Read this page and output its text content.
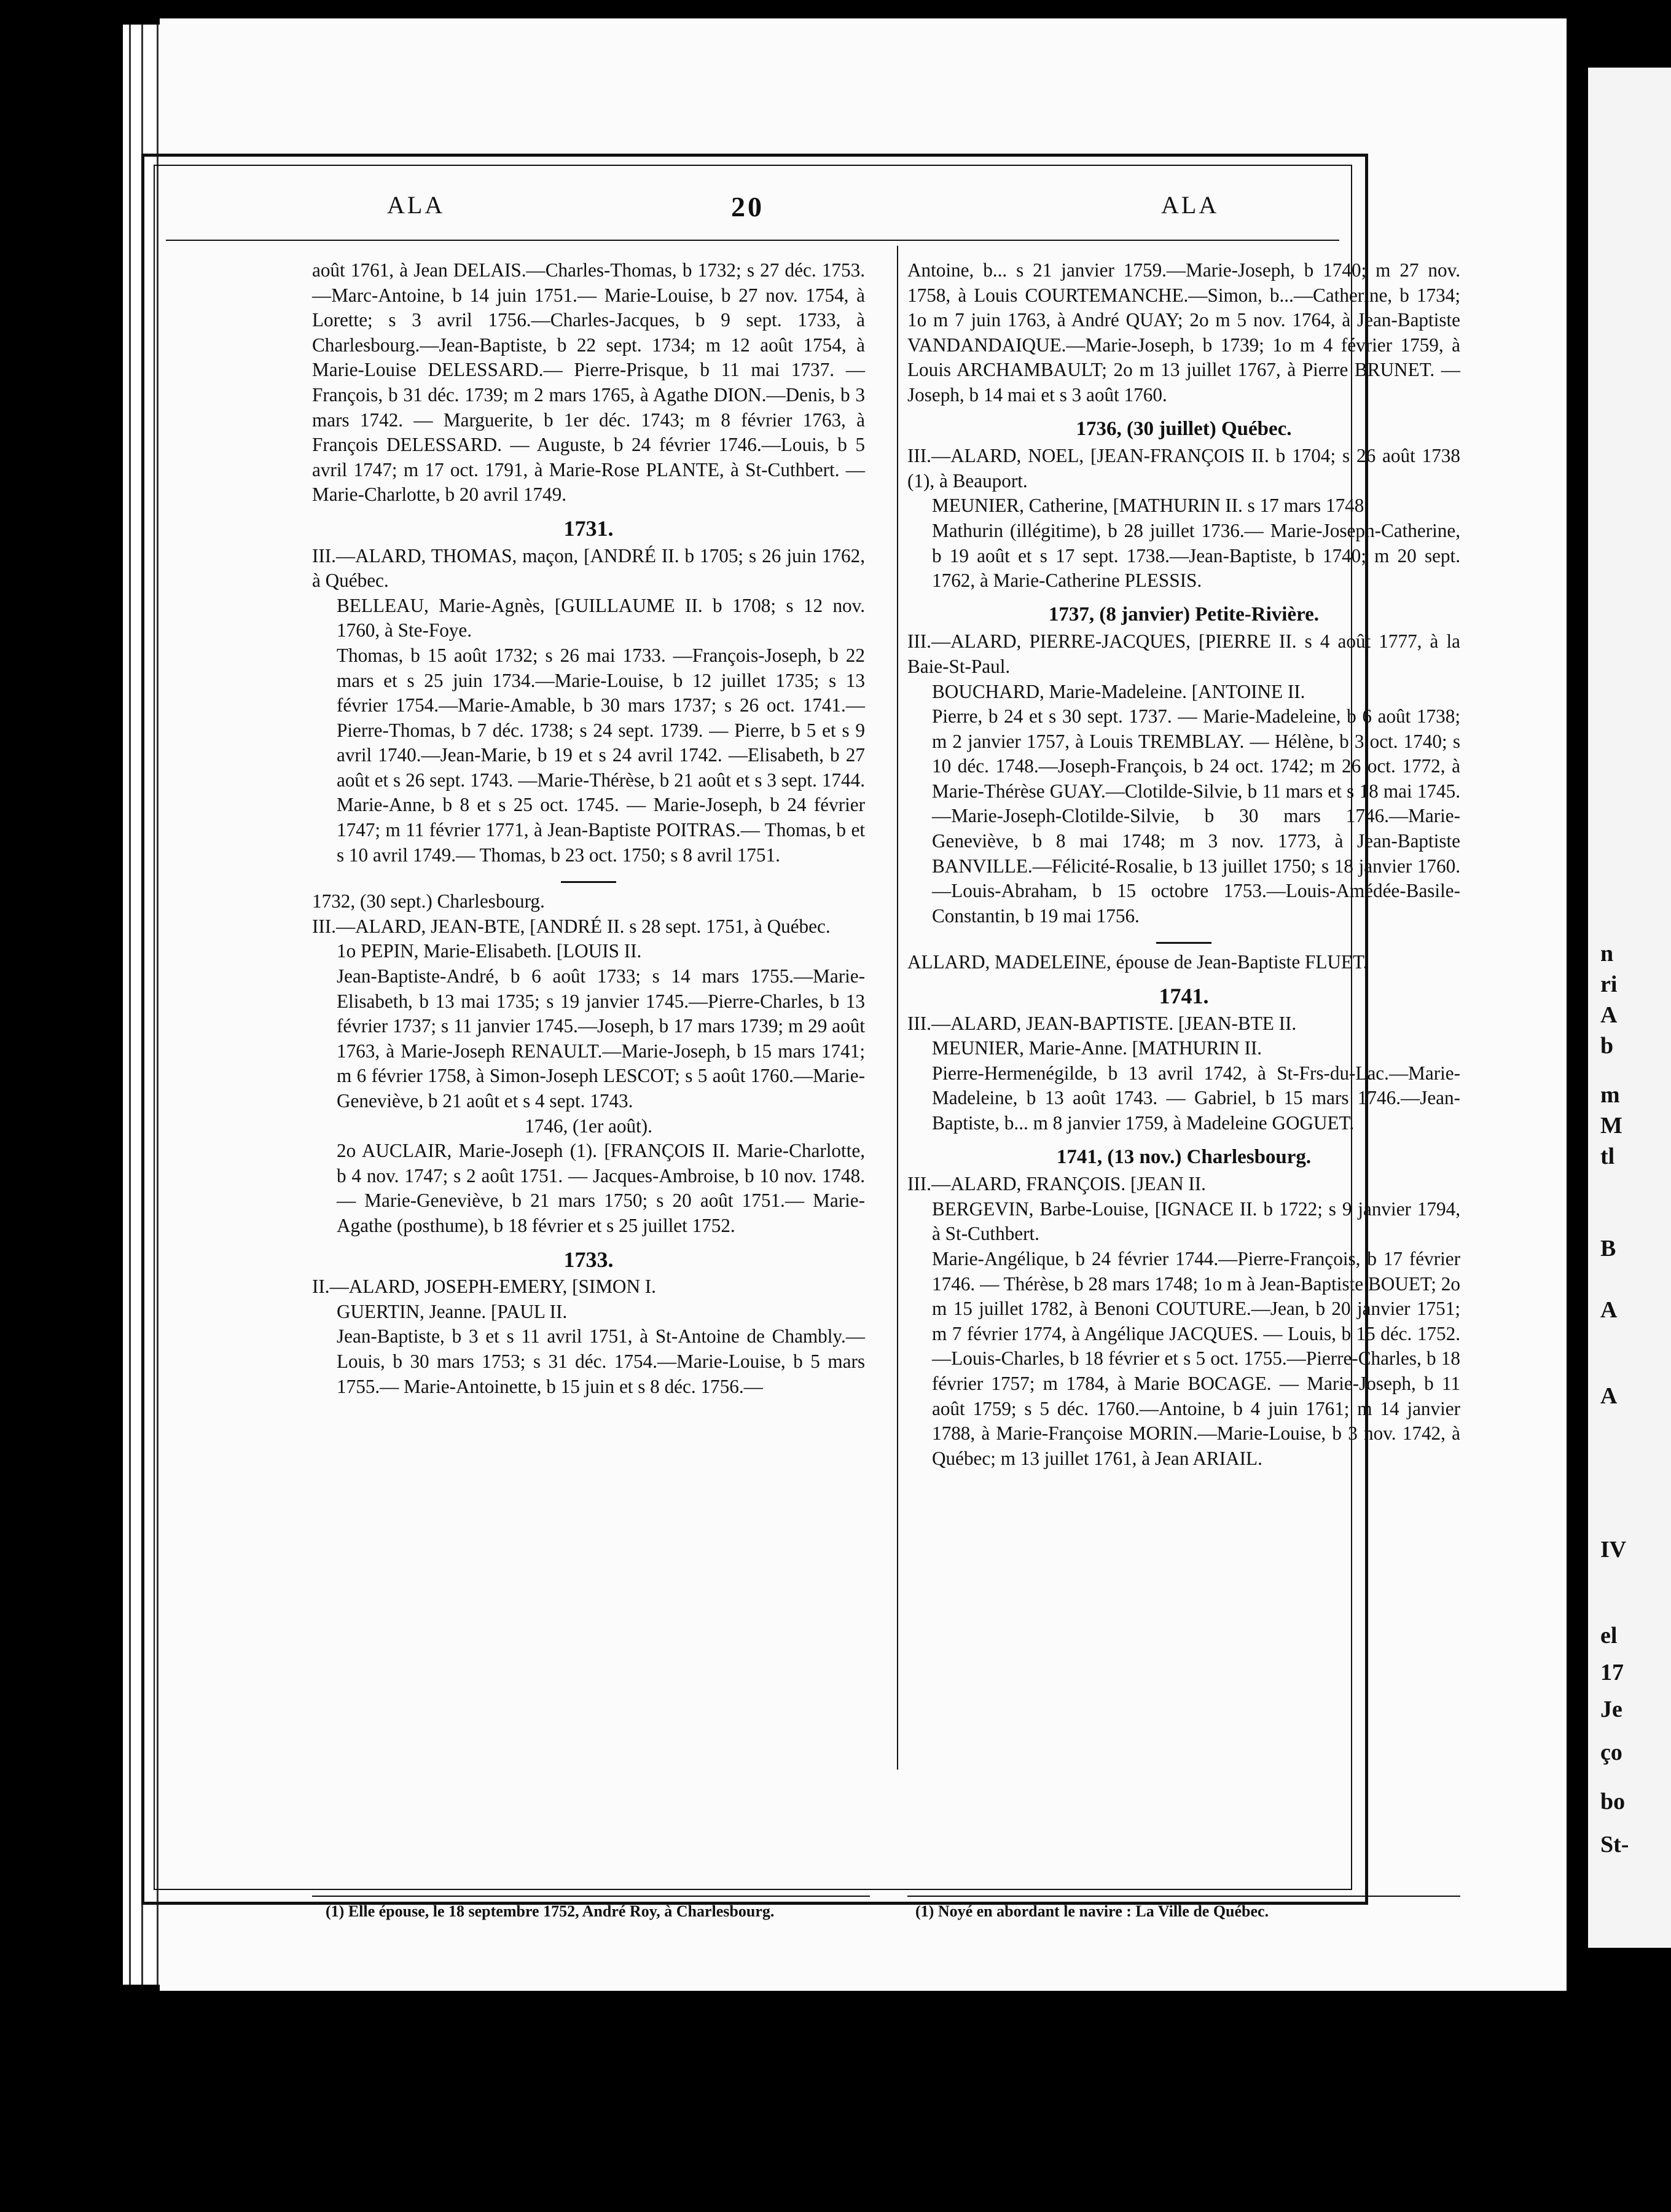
n
ri
A
b
m
M
tl
B
A
A
IV
el
17
Je
ço
bo
St-
ALA	20	ALA

août 1761, à Jean DELAIS.—Charles-Thomas, b 1732; s 27 déc. 1753.—Marc-Antoine, b 14 juin 1751.— Marie-Louise, b 27 nov. 1754, à Lorette; s 3 avril 1756.—Charles-Jacques, b 9 sept. 1733, à Charlesbourg.—Jean-Baptiste, b 22 sept. 1734; m 12 août 1754, à Marie-Louise DELESSARD.— Pierre-Prisque, b 11 mai 1737. — François, b 31 déc. 1739; m 2 mars 1765, à Agathe DION.—Denis, b 3 mars 1742. — Marguerite, b 1er déc. 1743; m 8 février 1763, à François DELESSARD. — Auguste, b 24 février 1746.—Louis, b 5 avril 1747; m 17 oct. 1791, à Marie-Rose PLANTE, à St-Cuthbert. — Marie-Charlotte, b 20 avril 1749.

1731.

III.—ALARD, THOMAS, maçon, [ANDRÉ II. b 1705; s 26 juin 1762, à Québec.

BELLEAU, Marie-Agnès, [GUILLAUME II. b 1708; s 12 nov. 1760, à Ste-Foye.

Thomas, b 15 août 1732; s 26 mai 1733. —François-Joseph, b 22 mars et s 25 juin 1734.—Marie-Louise, b 12 juillet 1735; s 13 février 1754.—Marie-Amable, b 30 mars 1737; s 26 oct. 1741.—Pierre-Thomas, b 7 déc. 1738; s 24 sept. 1739. — Pierre, b 5 et s 9 avril 1740.—Jean-Marie, b 19 et s 24 avril 1742. —Elisabeth, b 27 août et s 26 sept. 1743. —Marie-Thérèse, b 21 août et s 3 sept. 1744. Marie-Anne, b 8 et s 25 oct. 1745. — Marie-Joseph, b 24 février 1747; m 11 février 1771, à Jean-Baptiste POITRAS.— Thomas, b et s 10 avril 1749.— Thomas, b 23 oct. 1750; s 8 avril 1751.

1732, (30 sept.) Charlesbourg.

III.—ALARD, JEAN-BTE, [ANDRÉ II. s 28 sept. 1751, à Québec.

1o PEPIN, Marie-Elisabeth. [LOUIS II.

Jean-Baptiste-André, b 6 août 1733; s 14 mars 1755.—Marie-Elisabeth, b 13 mai 1735; s 19 janvier 1745.—Pierre-Charles, b 13 février 1737; s 11 janvier 1745.—Joseph, b 17 mars 1739; m 29 août 1763, à Marie-Joseph RENAULT.—Marie-Joseph, b 15 mars 1741; m 6 février 1758, à Simon-Joseph LESCOT; s 5 août 1760.—Marie-Geneviève, b 21 août et s 4 sept. 1743.

1746, (1er août).

2o AUCLAIR, Marie-Joseph (1). [FRANÇOIS II. Marie-Charlotte, b 4 nov. 1747; s 2 août 1751. — Jacques-Ambroise, b 10 nov. 1748. — Marie-Geneviève, b 21 mars 1750; s 20 août 1751.— Marie-Agathe (posthume), b 18 février et s 25 juillet 1752.

1733.

II.—ALARD, JOSEPH-EMERY, [SIMON I.

GUERTIN, Jeanne. [PAUL II.

Jean-Baptiste, b 3 et s 11 avril 1751, à St-Antoine de Chambly.—Louis, b 30 mars 1753; s 31 déc. 1754.—Marie-Louise, b 5 mars 1755.— Marie-Antoinette, b 15 juin et s 8 déc. 1756.—

Antoine, b... s 21 janvier 1759.—Marie-Joseph, b 1740; m 27 nov. 1758, à Louis COURTEMANCHE.—Simon, b...—Catherine, b 1734; 1o m 7 juin 1763, à André QUAY; 2o m 5 nov. 1764, à Jean-Baptiste VANDANDAIQUE.—Marie-Joseph, b 1739; 1o m 4 février 1759, à Louis ARCHAMBAULT; 2o m 13 juillet 1767, à Pierre BRUNET. —Joseph, b 14 mai et s 3 août 1760.

1736, (30 juillet) Québec.

III.—ALARD, NOEL, [JEAN-FRANÇOIS II. b 1704; s 26 août 1738 (1), à Beauport.

MEUNIER, Catherine, [MATHURIN II. s 17 mars 1748.

Mathurin (illégitime), b 28 juillet 1736.— Marie-Joseph-Catherine, b 19 août et s 17 sept. 1738.—Jean-Baptiste, b 1740; m 20 sept. 1762, à Marie-Catherine PLESSIS.

1737, (8 janvier) Petite-Rivière.

III.—ALARD, PIERRE-JACQUES, [PIERRE II. s 4 août 1777, à la Baie-St-Paul.

BOUCHARD, Marie-Madeleine. [ANTOINE II.

Pierre, b 24 et s 30 sept. 1737. — Marie-Madeleine, b 6 août 1738; m 2 janvier 1757, à Louis TREMBLAY. — Hélène, b 3 oct. 1740; s 10 déc. 1748.—Joseph-François, b 24 oct. 1742; m 26 oct. 1772, à Marie-Thérèse GUAY.—Clotilde-Silvie, b 11 mars et s 18 mai 1745.—Marie-Joseph-Clotilde-Silvie, b 30 mars 1746.—Marie-Geneviève, b 8 mai 1748; m 3 nov. 1773, à Jean-Baptiste BANVILLE.—Félicité-Rosalie, b 13 juillet 1750; s 18 janvier 1760.—Louis-Abraham, b 15 octobre 1753.—Louis-Amédée-Basile-Constantin, b 19 mai 1756.

ALLARD, MADELEINE, épouse de Jean-Baptiste FLUET.

1741.

III.—ALARD, JEAN-BAPTISTE. [JEAN-BTE II.

MEUNIER, Marie-Anne. [MATHURIN II.

Pierre-Hermenégilde, b 13 avril 1742, à St-Frs-du-Lac.—Marie-Madeleine, b 13 août 1743. — Gabriel, b 15 mars 1746.—Jean-Baptiste, b... m 8 janvier 1759, à Madeleine GOGUET.

1741, (13 nov.) Charlesbourg.

III.—ALARD, FRANÇOIS. [JEAN II.

BERGEVIN, Barbe-Louise, [IGNACE II. b 1722; s 9 janvier 1794, à St-Cuthbert.

Marie-Angélique, b 24 février 1744.—Pierre-François, b 17 février 1746. — Thérèse, b 28 mars 1748; 1o m à Jean-Baptiste BOUET; 2o m 15 juillet 1782, à Benoni COUTURE.—Jean, b 20 janvier 1751; m 7 février 1774, à Angélique JACQUES. — Louis, b 15 déc. 1752.—Louis-Charles, b 18 février et s 5 oct. 1755.—Pierre-Charles, b 18 février 1757; m 1784, à Marie BOCAGE. — Marie-Joseph, b 11 août 1759; s 5 déc. 1760.—Antoine, b 4 juin 1761; m 14 janvier 1788, à Marie-Françoise MORIN.—Marie-Louise, b 3 nov. 1742, à Québec; m 13 juillet 1761, à Jean ARIAIL.

(1) Elle épouse, le 18 septembre 1752, André Roy, à Charlesbourg.	(1) Noyé en abordant le navire : La Ville de Québec.
